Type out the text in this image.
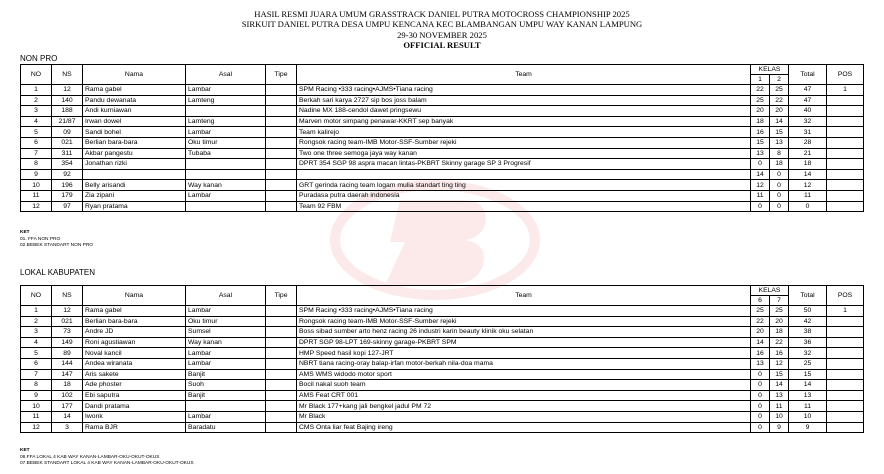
HASIL RESMI JUARA UMUM GRASSTRACK DANIEL PUTRA MOTOCROSS CHAMPIONSHIP 2025
SIRKUIT DANIEL PUTRA DESA UMPU KENCANA KEC BLAMBANGAN UMPU WAY KANAN LAMPUNG
29-30 NOVEMBER 2025
OFFICIAL RESULT
NON PRO
NO	NS	Nama	Asal	Tipe	Team	KELAS		Total	POS
						1	2		
1	12	Rama gabel	Lambar		SPM Racing •333 racing•AJMS•Tiana racing	22	25	47	1
2	140	Pandu dewanata	Lamteng		Berkah sari karya 2727 sip bos joss balam	25	22	47	
3	188	Andi kurniawan			Nadine MX 188-cendol dawet pringsewu	20	20	40	
4	21/87	Irwan dowel	Lamteng		Marven motor simpang penawar-KKRT sep banyak	18	14	32	
5	09	Sandi bohel	Lambar		Team kalirejo	16	15	31	
6	021	Berlian bara-bara	Oku timur		Rongsok racing team-IMB Motor-SSF-Sumber rejeki	15	13	28	
7	311	Akbar pangestu	Tubaba		Two one three semoga jaya way kanan	13	8	21	
8	354	Jonathan rizki			DPRT 354 SGP 98 aspra macan lintas-PKBRT Skinny garage SP 3 Progresif	0	18	18	
9	92					14	0	14	
10	196	Belly arisandi	Way kanan		GRT gerinda racing team logam mulia standart ting ting	12	0	12	
11	179	Zia zipani	Lambar		Puradasa putra daerah indonesia	11	0	11	
12	97	Ryan pratama			Team 92 FBM	0	0	0	
KET
01. FFA NON PRO
02.BEBEK STANDART NON PRO
LOKAL KABUPATEN
NO	NS	Nama	Asal	Tipe	Team	KELAS		Total	POS
						6	7		
1	12	Rama gabel	Lambar		SPM Racing •333 racing•AJMS•Tiana racing	25	25	50	1
2	021	Berlian bara-bara	Oku timur		Rongsok racing team-IMB Motor-SSF-Sumber rejeki	22	20	42	
3	73	Andre JD	Sumsel		Boss sibad sumber arto henz racing 26 industri karin beauty klinik oku selatan	20	18	38	
4	149	Roni agustiawan	Way kanan		DPRT SGP 98-LPT 169-skinny garage-PKBRT SPM	14	22	36	
5	89	Noval kancil	Lambar		HMP Speed hasil kopi 127-JRT	16	16	32	
6	144	Andea wiranata	Lambar		NBRT tiana racing-oray balap-irfan motor-berkah nila-doa mama	13	12	25	
7	147	Aris sakete	Banjit		AMS WMS widodo motor sport	0	15	15	
8	18	Ade phoster	Suoh		Bocil nakal suoh team	0	14	14	
9	102	Ebi saputra	Banjit		AMS Feat CRT 001	0	13	13	
10	177	Dandi pratama			Mr Black 177+kang jali bengkel jadul PM 72	0	11	11	
11	14	Iwonk	Lambar		Mr Black	0	10	10	
12	3	Rama BJR	Baradatu		CMS Onta liar feat Bajing ireng	0	9	9	
KET
06.FFA LOKAL 4 KAB WAY KANAN-LAMBAR-OKU-OKUT-OKUS
07.BEBEK STANDART LOKAL 4 KAB WAY KANAN-LAMBAR-OKU-OKUT-OKUS
